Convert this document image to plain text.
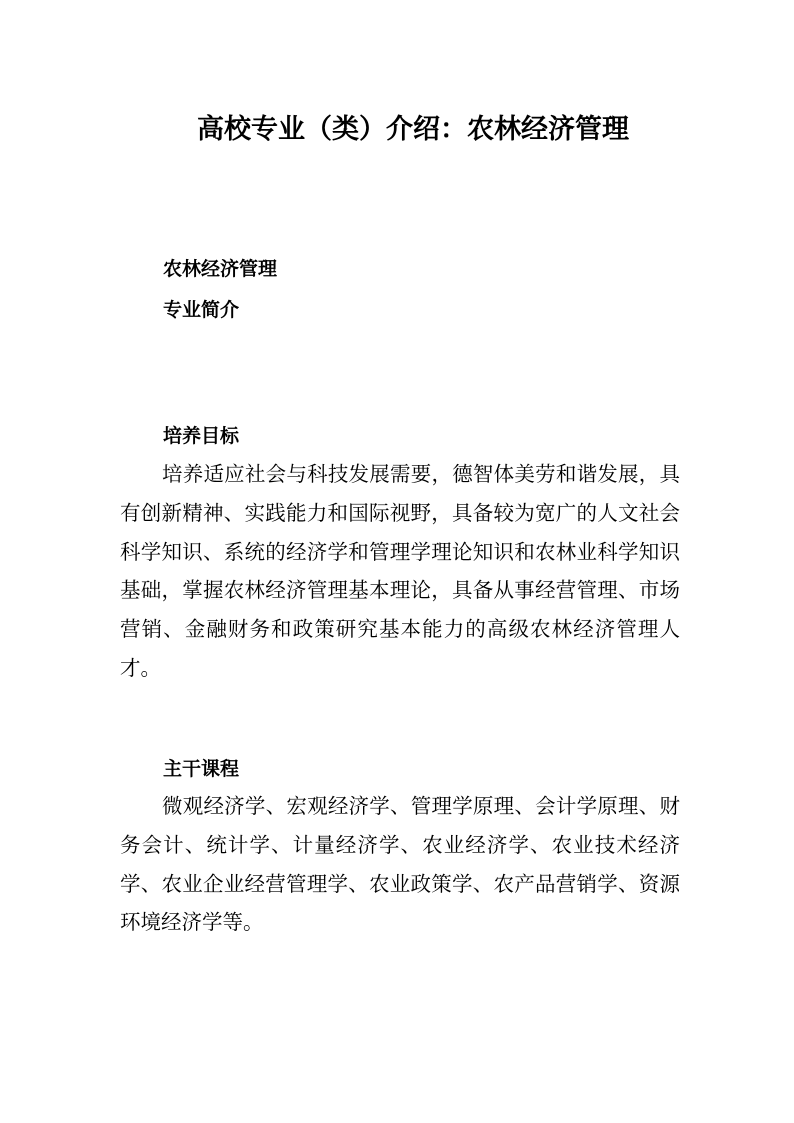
高校专业（类）介绍：农林经济管理
农林经济管理
专业简介
培养目标

培养适应社会与科技发展需要，德智体美劳和谐发展，具有创新精神、实践能力和国际视野，具备较为宽广的人文社会科学知识、系统的经济学和管理学理论知识和农林业科学知识基础，掌握农林经济管理基本理论，具备从事经营管理、市场营销、金融财务和政策研究基本能力的高级农林经济管理人才。

主干课程

微观经济学、宏观经济学、管理学原理、会计学原理、财务会计、统计学、计量经济学、农业经济学、农业技术经济学、农业企业经营管理学、农业政策学、农产品营销学、资源环境经济学等。
